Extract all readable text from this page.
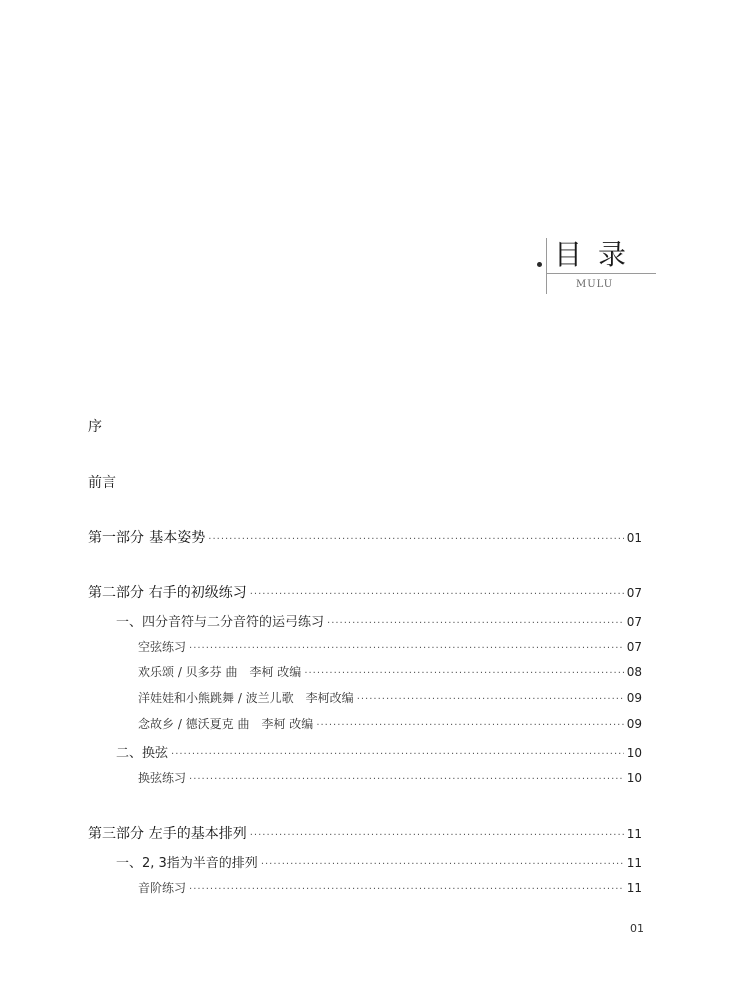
目录
MULU
序
前言
第一部分 基本姿势 ·····	01
第二部分 右手的初级练习 ·····	07
一、四分音符与二分音符的运弓练习 ·····	07
空弦练习 ·····	07
欢乐颂 / 贝多芬 曲　李柯 改编 ·····	08
洋娃娃和小熊跳舞 / 波兰儿歌　李柯改编 ·····	09
念故乡 / 德沃夏克 曲　李柯 改编 ·····	09
二、换弦 ·····	10
换弦练习 ·····	10
第三部分 左手的基本排列 ·····	11
一、2, 3指为半音的排列 ·····	11
音阶练习 ·····	11
01
